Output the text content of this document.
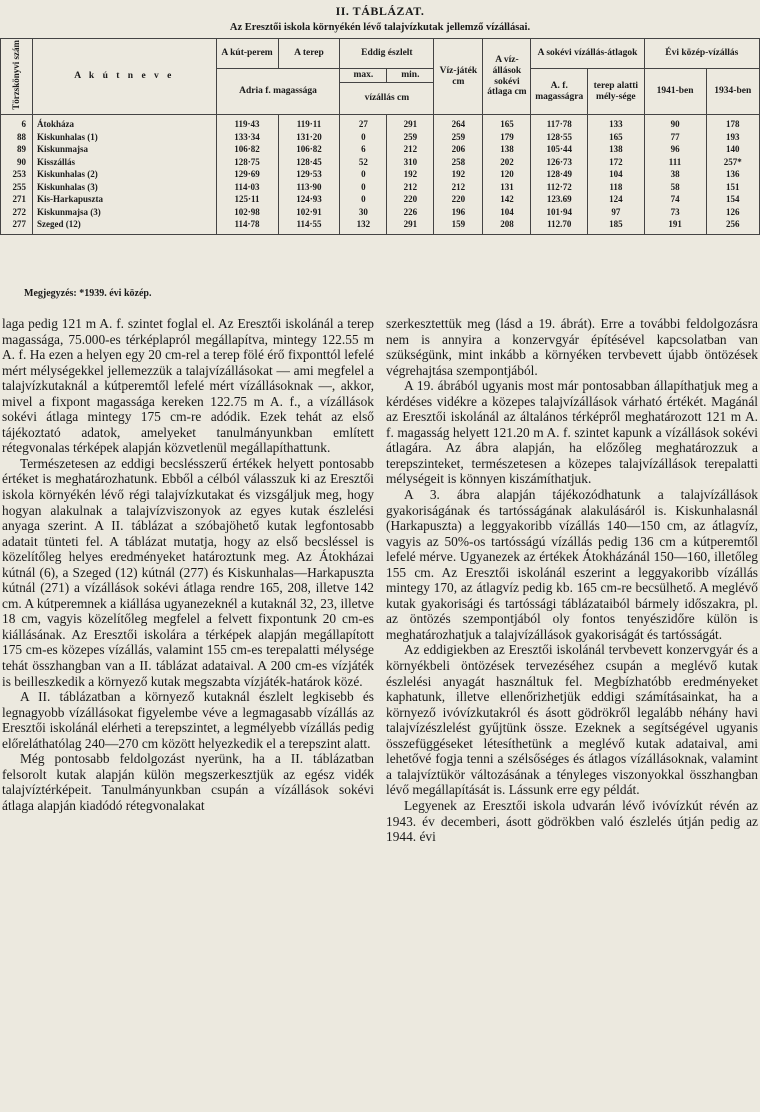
II. TÁBLÁZAT.
Az Eresztői iskola környékén lévő talajvízkutak jellemző vízállásai.
Törzskönyvi szám	A k ú t n e v e	A kút-perem	A terep	Eddig észlelt		Víz-játék cm	A víz-állások sokévi átlaga cm	A sokévi vízállás-átlagok		Évi közép-vízállás	
		Adria f. magassága		max.	min.			A. f. magasságra	terep alatti mély-sége	1941-ben	1934-ben
				vízállás cm							
6	Átokháza	119·43	119·11	27	291	264	165	117·78	133	90	178
88	Kiskunhalas (1)	133·34	131·20	0	259	259	179	128·55	165	77	193
89	Kiskunmajsa	106·82	106·82	6	212	206	138	105·44	138	96	140
90	Kisszállás	128·75	128·45	52	310	258	202	126·73	172	111	257*
253	Kiskunhalas (2)	129·69	129·53	0	192	192	120	128·49	104	38	136
255	Kiskunhalas (3)	114·03	113·90	0	212	212	131	112·72	118	58	151
271	Kis-Harkapuszta	125·11	124·93	0	220	220	142	123.69	124	74	154
272	Kiskunmajsa (3)	102·98	102·91	30	226	196	104	101·94	97	73	126
277	Szeged (12)	114·78	114·55	132	291	159	208	112.70	185	191	256
Megjegyzés: *1939. évi közép.

laga pedig 121 m A. f. szintet foglal el. Az Eresztői iskolánál a terep magassága, 75.000-es térképlapról megállapítva, mintegy 122.55 m A. f. Ha ezen a helyen egy 20 cm-rel a terep fölé érő fixponttól lefelé mért mélységekkel jellemezzük a talajvízállásokat — ami megfelel a talajvízkutaknál a kútperemtől lefelé mért vízállásoknak —, akkor, mivel a fixpont magassága kereken 122.75 m A. f., a vízállások sokévi átlaga mintegy 175 cm-re adódik. Ezek tehát az első tájékoztató adatok, amelyeket tanulmányunkban említett rétegvonalas térképek alapján közvetlenül megállapíthattunk.

Természetesen az eddigi becslésszerű értékek helyett pontosabb értéket is meghatározhatunk. Ebből a célból válasszuk ki az Eresztői iskola környékén lévő régi talajvízkutakat és vizsgáljuk meg, hogy hogyan alakulnak a talajvízviszonyok az egyes kutak észlelési anyaga szerint. A II. táblázat a szóbajöhető kutak legfontosabb adatait tünteti fel. A táblázat mutatja, hogy az első becsléssel is közelítőleg helyes eredményeket határoztunk meg. Az Átokházai kútnál (6), a Szeged (12) kútnál (277) és Kiskunhalas—Harkapuszta kútnál (271) a vízállások sokévi átlaga rendre 165, 208, illetve 142 cm. A kútperemnek a kiállása ugyanezeknél a kutaknál 32, 23, illetve 18 cm, vagyis közelítőleg megfelel a felvett fixpontunk 20 cm-es kiállásának. Az Eresztői iskolára a térképek alapján megállapított 175 cm-es közepes vízállás, valamint 155 cm-es terepalatti mélysége tehát összhangban van a II. táblázat adataival. A 200 cm-es vízjáték is beilleszkedik a környező kutak megszabta vízjáték-határok közé.

A II. táblázatban a környező kutaknál észlelt legkisebb és legnagyobb vízállásokat figyelembe véve a legmagasabb vízállás az Eresztői iskolánál elérheti a terepszintet, a legmélyebb vízállás pedig előreláthatólag 240—270 cm között helyezkedik el a terepszint alatt.

Még pontosabb feldolgozást nyerünk, ha a II. táblázatban felsorolt kutak alapján külön megszerkesztjük az egész vidék talajvíztérképeit. Tanulmányunkban csupán a vízállások sokévi átlaga alapján kiadódó rétegvonalakat

szerkesztettük meg (lásd a 19. ábrát). Erre a további feldolgozásra nem is annyira a konzervgyár építésével kapcsolatban van szükségünk, mint inkább a környéken tervbevett újabb öntözések végrehajtása szempontjából.

A 19. ábrából ugyanis most már pontosabban állapíthatjuk meg a kérdéses vidékre a közepes talajvízállások várható értékét. Magánál az Eresztői iskolánál az általános térképről meghatározott 121 m A. f. magasság helyett 121.20 m A. f. szintet kapunk a vízállások sokévi átlagára. Az ábra alapján, ha előzőleg meghatározzuk a terepszinteket, természetesen a közepes talajvízállások terepalatti mélységeit is könnyen kiszámíthatjuk.

A 3. ábra alapján tájékozódhatunk a talajvízállások gyakoriságának és tartósságának alakulásáról is. Kiskunhalasnál (Harkapuszta) a leggyakoribb vízállás 140—150 cm, az átlagvíz, vagyis az 50%-os tartósságú vízállás pedig 136 cm a kútperemtől lefelé mérve. Ugyanezek az értékek Átokházánál 150—160, illetőleg 155 cm. Az Eresztői iskolánál eszerint a leggyakoribb vízállás mintegy 170, az átlagvíz pedig kb. 165 cm-re becsülhető. A meglévő kutak gyakorisági és tartóssági táblázataiból bármely időszakra, pl. az öntözés szempontjából oly fontos tenyészidőre külön is meghatározhatjuk a talajvízállások gyakoriságát és tartósságát.

Az eddigiekben az Eresztői iskolánál tervbevett konzervgyár és a környékbeli öntözések tervezéséhez csupán a meglévő kutak észlelési anyagát használtuk fel. Megbízhatóbb eredményeket kaphatunk, illetve ellenőrizhetjük eddigi számításainkat, ha a környező ivóvízkutakról és ásott gödrökről legalább néhány havi talajvízészlelést gyűjtünk össze. Ezeknek a segítségével ugyanis összefüggéseket létesíthetünk a meglévő kutak adataival, ami lehetővé fogja tenni a szélsőséges és átlagos vízállásoknak, valamint a talajvíztükör változásának a tényleges viszonyokkal összhangban lévő megállapítását is. Lássunk erre egy példát.

Legyenek az Eresztői iskola udvarán lévő ivóvízkút révén az 1943. év decemberi, ásott gödrökben való észlelés útján pedig az 1944. évi
